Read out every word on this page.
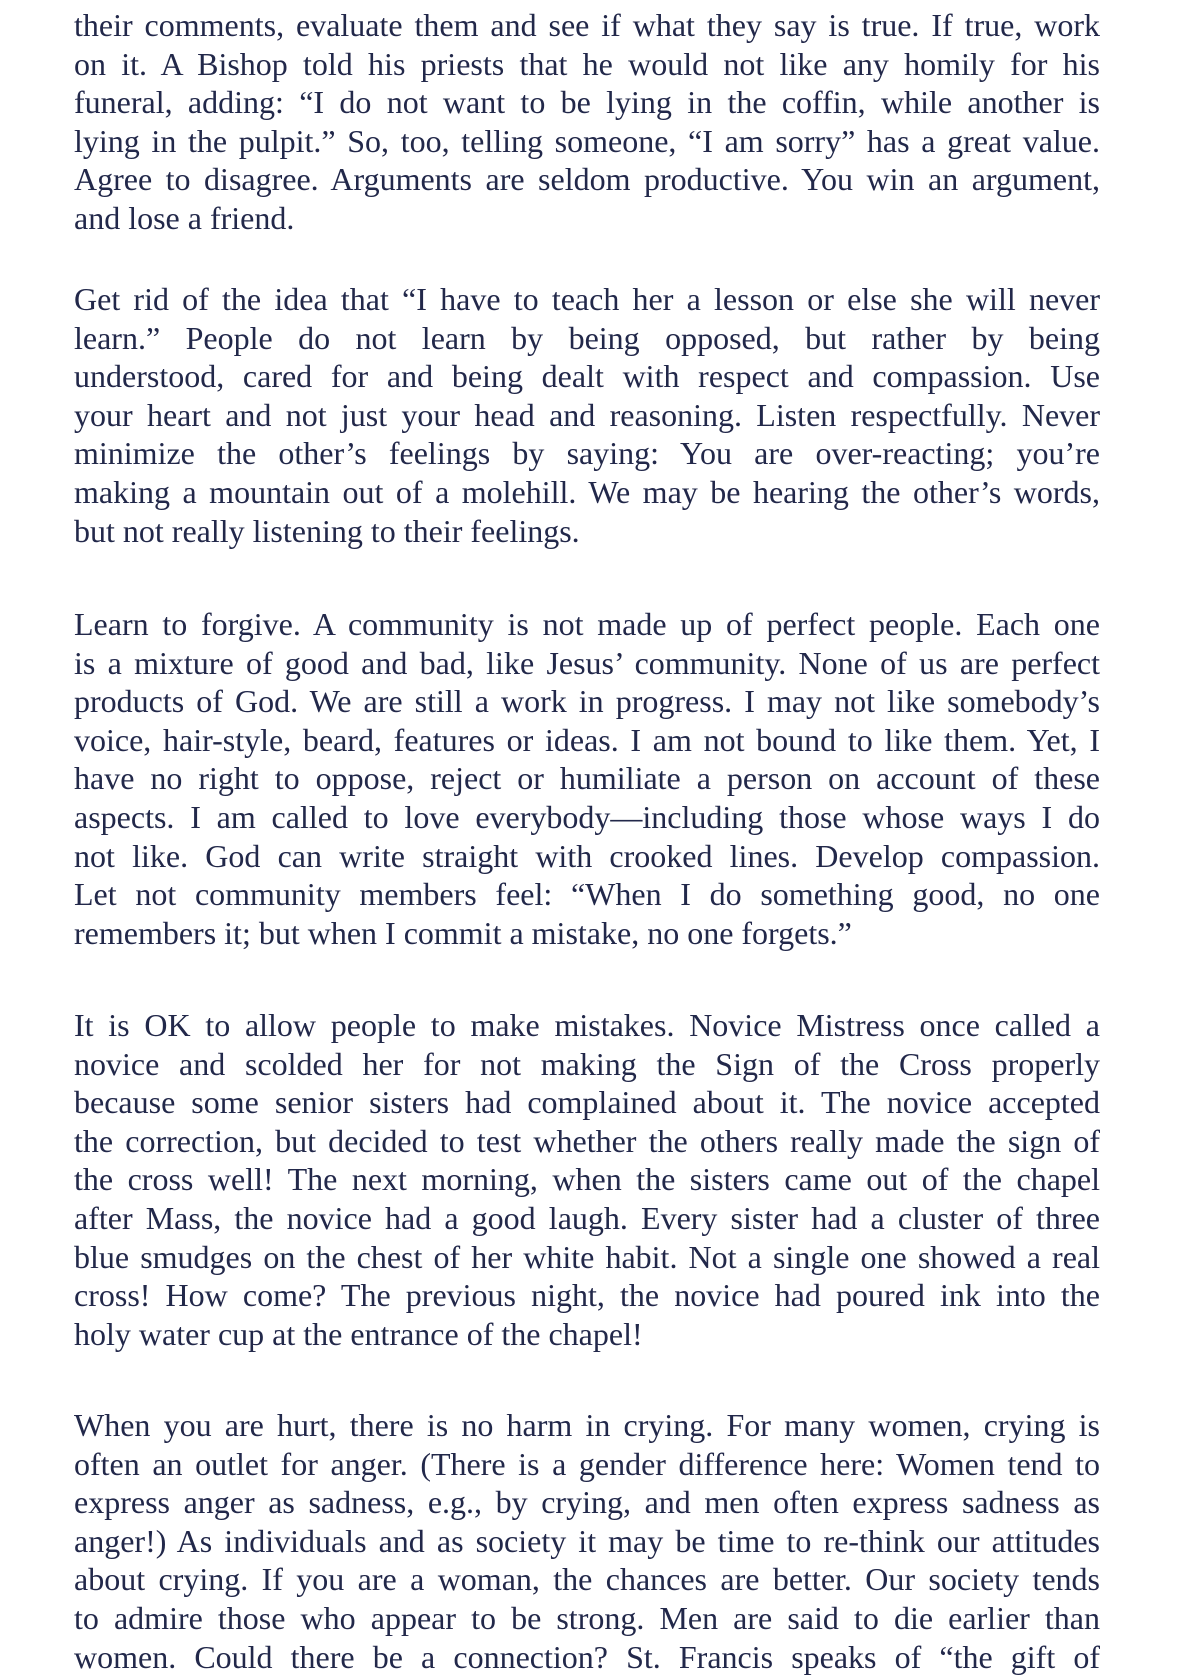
their comments, evaluate them and see if what they say is true. If true, work
on it. A Bishop told his priests that he would not like any homily for his
funeral, adding: “I do not want to be lying in the coffin, while another is
lying in the pulpit.” So, too, telling someone, “I am sorry” has a great value.
Agree to disagree. Arguments are seldom productive. You win an argument,
and lose a friend.
Get rid of the idea that “I have to teach her a lesson or else she will never
learn.” People do not learn by being opposed, but rather by being
understood, cared for and being dealt with respect and compassion. Use
your heart and not just your head and reasoning. Listen respectfully. Never
minimize the other’s feelings by saying: You are over-reacting; you’re
making a mountain out of a molehill. We may be hearing the other’s words,
but not really listening to their feelings.
Learn to forgive. A community is not made up of perfect people. Each one
is a mixture of good and bad, like Jesus’ community. None of us are perfect
products of God. We are still a work in progress. I may not like somebody’s
voice, hair-style, beard, features or ideas. I am not bound to like them. Yet, I
have no right to oppose, reject or humiliate a person on account of these
aspects. I am called to love everybody—including those whose ways I do
not like. God can write straight with crooked lines. Develop compassion.
Let not community members feel: “When I do something good, no one
remembers it; but when I commit a mistake, no one forgets.”
It is OK to allow people to make mistakes. Novice Mistress once called a
novice and scolded her for not making the Sign of the Cross properly
because some senior sisters had complained about it. The novice accepted
the correction, but decided to test whether the others really made the sign of
the cross well! The next morning, when the sisters came out of the chapel
after Mass, the novice had a good laugh. Every sister had a cluster of three
blue smudges on the chest of her white habit. Not a single one showed a real
cross! How come? The previous night, the novice had poured ink into the
holy water cup at the entrance of the chapel!
When you are hurt, there is no harm in crying. For many women, crying is
often an outlet for anger. (There is a gender difference here: Women tend to
express anger as sadness, e.g., by crying, and men often express sadness as
anger!) As individuals and as society it may be time to re-think our attitudes
about crying. If you are a woman, the chances are better. Our society tends
to admire those who appear to be strong. Men are said to die earlier than
women. Could there be a connection? St. Francis speaks of “the gift of
